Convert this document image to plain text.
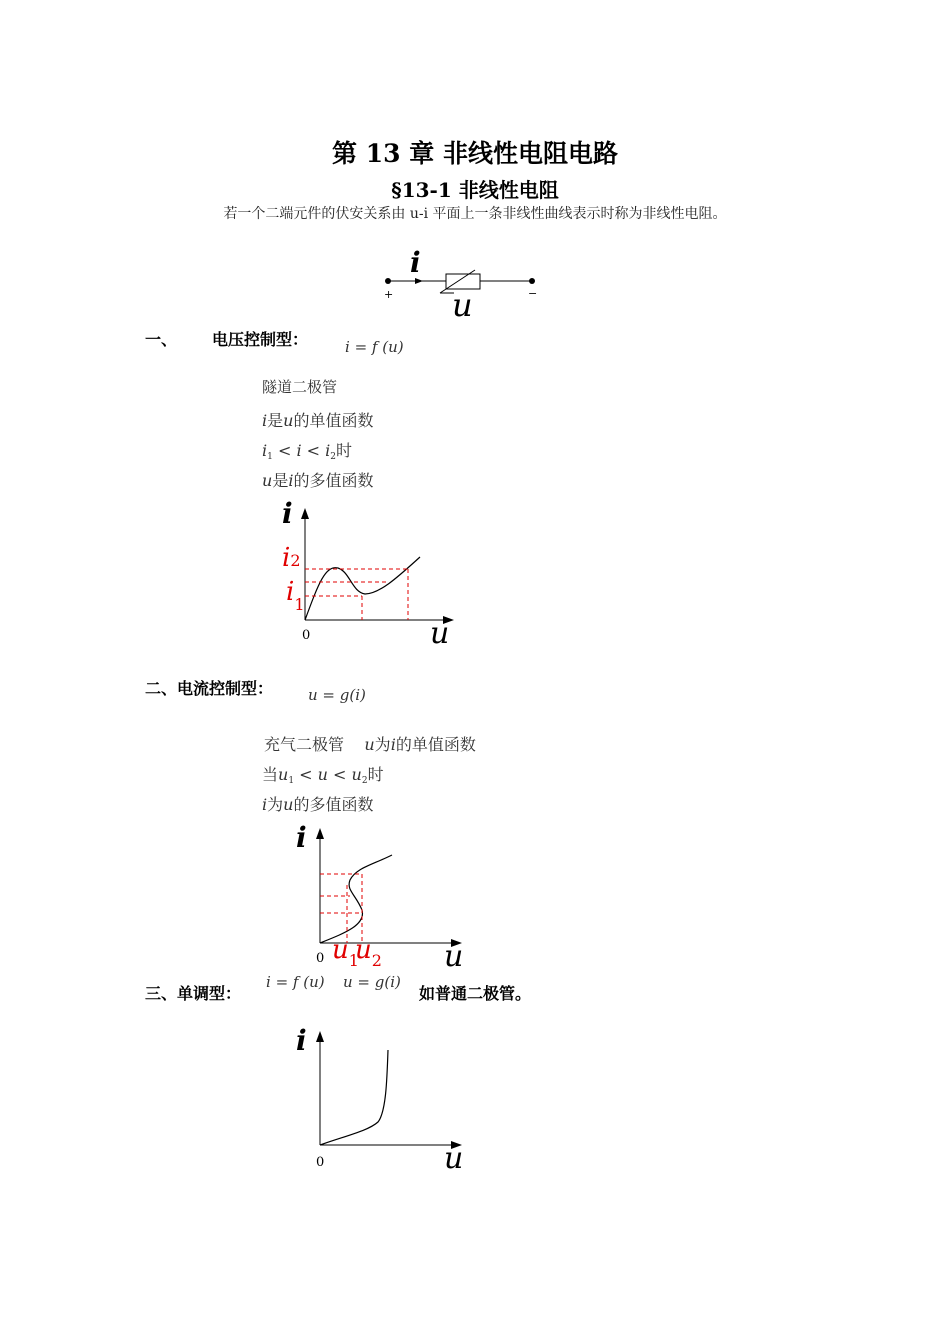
第 13 章 非线性电阻电路
§13-1 非线性电阻
若一个二端元件的伏安关系由 u-i 平面上一条非线性曲线表示时称为非线性电阻。
i
u
+	−
一、 电压控制型： i = f (u)
隧道二极管
i是u的单值函数
$i_1 < i < i_2$时
u是i的多值函数
i
u
0
i2
$i_1$
二、电流控制型： u = g(i)
充气二极管 u为i的单值函数
当$u_1 < u < u_2$时
i为u的多值函数
i
u
0 $u_1$
$u_2$
三、单调型：
i = f (u) u = g(i)
如普通二极管。
i
u
0
